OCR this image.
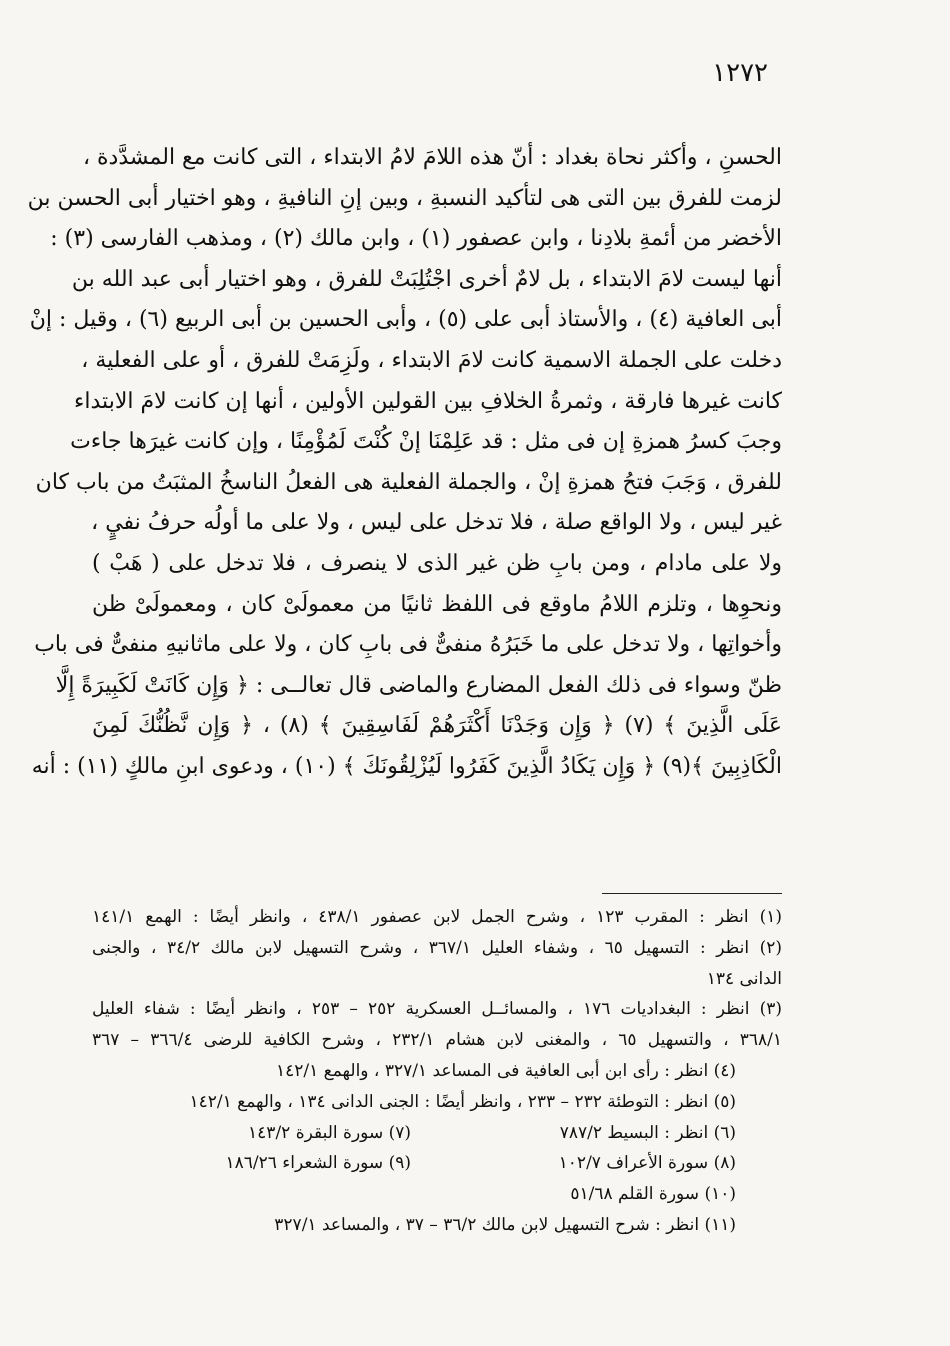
١٢٧٢
الحسنِ ، وأكثر نحاة بغداد : أنّ هذه اللامَ لامُ الابتداء ، التى كانت مع المشدَّدة ،
لزمت للفرق بين التى هى لتأكيد النسبةِ ، وبين إنِ النافيةِ ، وهو اختيار أبى الحسن بن
الأخضر من أئمةِ بلادِنا ، وابن عصفور (١) ، وابن مالك (٢) ، ومذهب الفارسى (٣) :
أنها ليست لامَ الابتداء ، بل لامٌ أخرى اجْتُلِبَتْ للفرق ، وهو اختيار أبى عبد الله بن
أبى العافية (٤) ، والأستاذ أبى على (٥) ، وأبى الحسين بن أبى الربيع (٦) ، وقيل : إنْ
دخلت على الجملة الاسمية كانت لامَ الابتداء ، ولَزِمَتْ للفرق ، أو على الفعلية ،
كانت غيرها فارقة ، وثمرةُ الخلافِ بين القولين الأولين ، أنها إن كانت لامَ الابتداء
وجبَ كسرُ همزةِ إن فى مثل : قد عَلِمْنَا إنْ كُنْتَ لَمُؤْمِنًا ، وإن كانت غيرَها جاءت
للفرق ، وَجَبَ فتحُ همزةِ إنْ ، والجملة الفعلية هى الفعلُ الناسخُ المثبَتُ من باب كان
غير ليس ، ولا الواقع صلة ، فلا تدخل على ليس ، ولا على ما أولُه حرفُ نفيٍ ،
ولا على مادام ، ومن بابِ ظن غير الذى لا ينصرف ، فلا تدخل على ( هَبْ )
ونحوِها ، وتلزم اللامُ ماوقع فى اللفظ ثانيًا من معمولَىْ كان ، ومعمولَىْ ظن
وأخواتِها ، ولا تدخل على ما خَبَرُهُ منفىٌّ فى بابِ كان ، ولا على ماثانيهِ منفىٌّ فى باب
ظنّ وسواء فى ذلك الفعل المضارع والماضى قال تعالــى : ﴿ وَإِن كَانَتْ لَكَبِيرَةً إِلَّا
عَلَى الَّذِينَ ﴾ (٧) ﴿ وَإِن وَجَدْنَا أَكْثَرَهُمْ لَفَاسِقِينَ ﴾ (٨) ، ﴿ وَإِن نَّظُنُّكَ لَمِنَ
الْكَاذِبِينَ ﴾(٩) ﴿ وَإِن يَكَادُ الَّذِينَ كَفَرُوا لَيُزْلِقُونَكَ ﴾ (١٠) ، ودعوى ابنِ مالكٍ (١١) : أنه
(١) انظر : المقرب ١٢٣ ، وشرح الجمل لابن عصفور ٤٣٨/١ ، وانظر أيضًا : الهمع ١٤١/١
(٢) انظر : التسهيل ٦٥ ، وشفاء العليل ٣٦٧/١ ، وشرح التسهيل لابن مالك ٣٤/٢ ، والجنى
الدانى ١٣٤
(٣) انظر : البغداديات ١٧٦ ، والمسائــل العسكرية ٢٥٢ – ٢٥٣ ، وانظر أيضًا : شفاء العليل
٣٦٨/١ ، والتسهيل ٦٥ ، والمغنى لابن هشام ٢٣٢/١ ، وشرح الكافية للرضى ٣٦٦/٤ – ٣٦٧
(٤) انظر : رأى ابن أبى العافية فى المساعد ٣٢٧/١ ، والهمع ١٤٢/١
(٥) انظر : التوطئة ٢٣٢ – ٢٣٣ ، وانظر أيضًا : الجنى الدانى ١٣٤ ، والهمع ١٤٢/١
(٦) انظر : البسيط ٧٨٧/٢
(٧) سورة البقرة ١٤٣/٢
(٨) سورة الأعراف ١٠٢/٧
(٩) سورة الشعراء ١٨٦/٢٦
(١٠) سورة القلم ٥١/٦٨
(١١) انظر : شرح التسهيل لابن مالك ٣٦/٢ – ٣٧ ، والمساعد ٣٢٧/١
